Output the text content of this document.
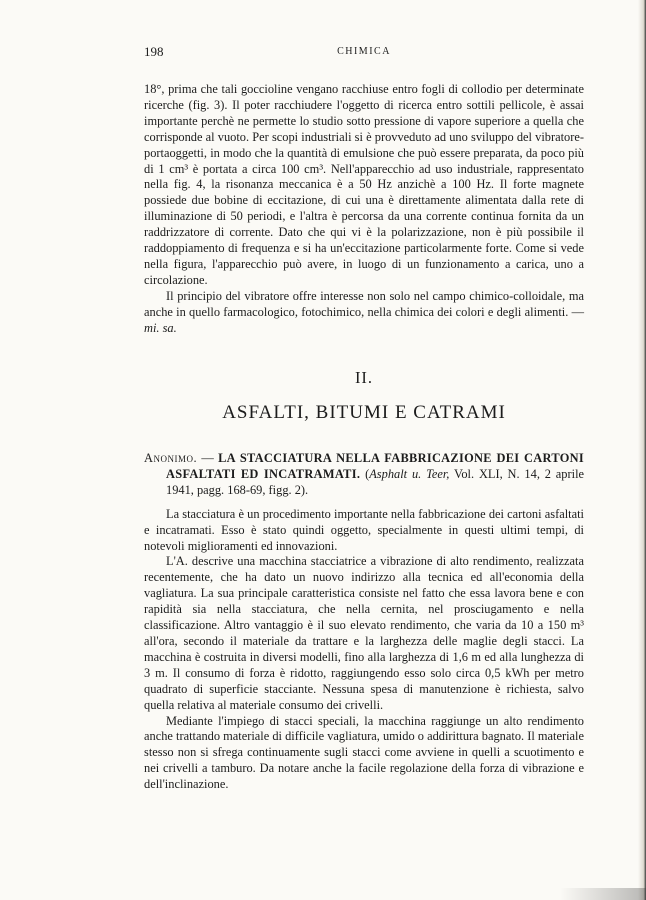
198	CHIMICA

18°, prima che tali goccioline vengano racchiuse entro fogli di collodio per determinate ricerche (fig. 3). Il poter racchiudere l'oggetto di ricerca entro sottili pellicole, è assai importante perchè ne permette lo studio sotto pressione di vapore superiore a quella che corrisponde al vuoto. Per scopi industriali si è provveduto ad uno sviluppo del vibratore-portaoggetti, in modo che la quantità di emulsione che può essere preparata, da poco più di 1 cm³ è portata a circa 100 cm³. Nell'apparecchio ad uso industriale, rappresentato nella fig. 4, la risonanza meccanica è a 50 Hz anzichè a 100 Hz. Il forte magnete possiede due bobine di eccitazione, di cui una è direttamente alimentata dalla rete di illuminazione di 50 periodi, e l'altra è percorsa da una corrente continua fornita da un raddrizzatore di corrente. Dato che qui vi è la polarizzazione, non è più possibile il raddoppiamento di frequenza e si ha un'eccitazione particolarmente forte. Come si vede nella figura, l'apparecchio può avere, in luogo di un funzionamento a carica, uno a circolazione.

Il principio del vibratore offre interesse non solo nel campo chimico-colloidale, ma anche in quello farmacologico, fotochimico, nella chimica dei colori e degli alimenti. — mi. sa.

II.
ASFALTI, BITUMI E CATRAMI

Anonimo. — LA STACCIATURA NELLA FABBRICAZIONE DEI CARTONI ASFALTATI ED INCATRAMATI. (Asphalt u. Teer, Vol. XLI, N. 14, 2 aprile 1941, pagg. 168-69, figg. 2).

La stacciatura è un procedimento importante nella fabbricazione dei cartoni asfaltati e incatramati. Esso è stato quindi oggetto, specialmente in questi ultimi tempi, di notevoli miglioramenti ed innovazioni.

L'A. descrive una macchina stacciatrice a vibrazione di alto rendimento, realizzata recentemente, che ha dato un nuovo indirizzo alla tecnica ed all'economia della vagliatura. La sua principale caratteristica consiste nel fatto che essa lavora bene e con rapidità sia nella stacciatura, che nella cernita, nel prosciugamento e nella classificazione. Altro vantaggio è il suo elevato rendimento, che varia da 10 a 150 m³ all'ora, secondo il materiale da trattare e la larghezza delle maglie degli stacci. La macchina è costruita in diversi modelli, fino alla larghezza di 1,6 m ed alla lunghezza di 3 m. Il consumo di forza è ridotto, raggiungendo esso solo circa 0,5 kWh per metro quadrato di superficie stacciante. Nessuna spesa di manutenzione è richiesta, salvo quella relativa al materiale consumo dei crivelli.

Mediante l'impiego di stacci speciali, la macchina raggiunge un alto rendimento anche trattando materiale di difficile vagliatura, umido o addirittura bagnato. Il materiale stesso non si sfrega continuamente sugli stacci come avviene in quelli a scuotimento e nei crivelli a tamburo. Da notare anche la facile regolazione della forza di vibrazione e dell'inclinazione.
